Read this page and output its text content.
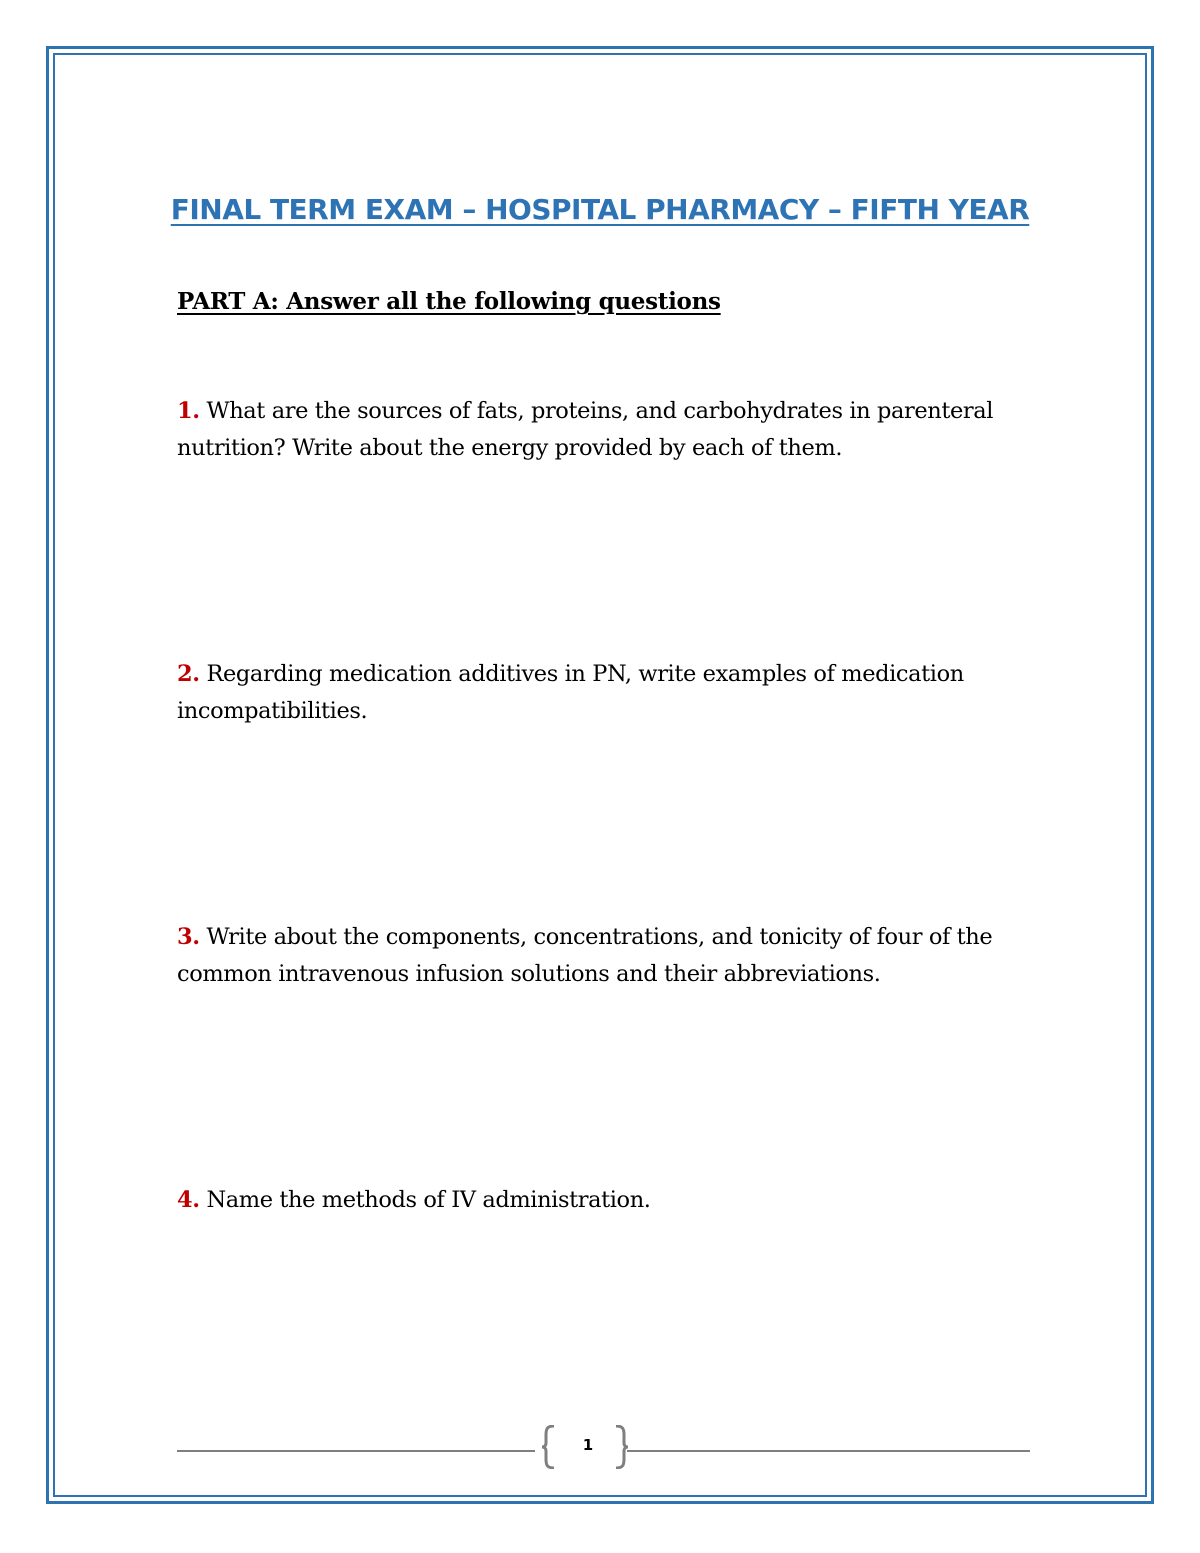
FINAL TERM EXAM – HOSPITAL PHARMACY – FIFTH YEAR
PART A: Answer all the following questions
1. What are the sources of fats, proteins, and carbohydrates in parenteral nutrition? Write about the energy provided by each of them.
2. Regarding medication additives in PN, write examples of medication incompatibilities.
3. Write about the components, concentrations, and tonicity of four of the common intravenous infusion solutions and their abbreviations.
4. Name the methods of IV administration.
1
